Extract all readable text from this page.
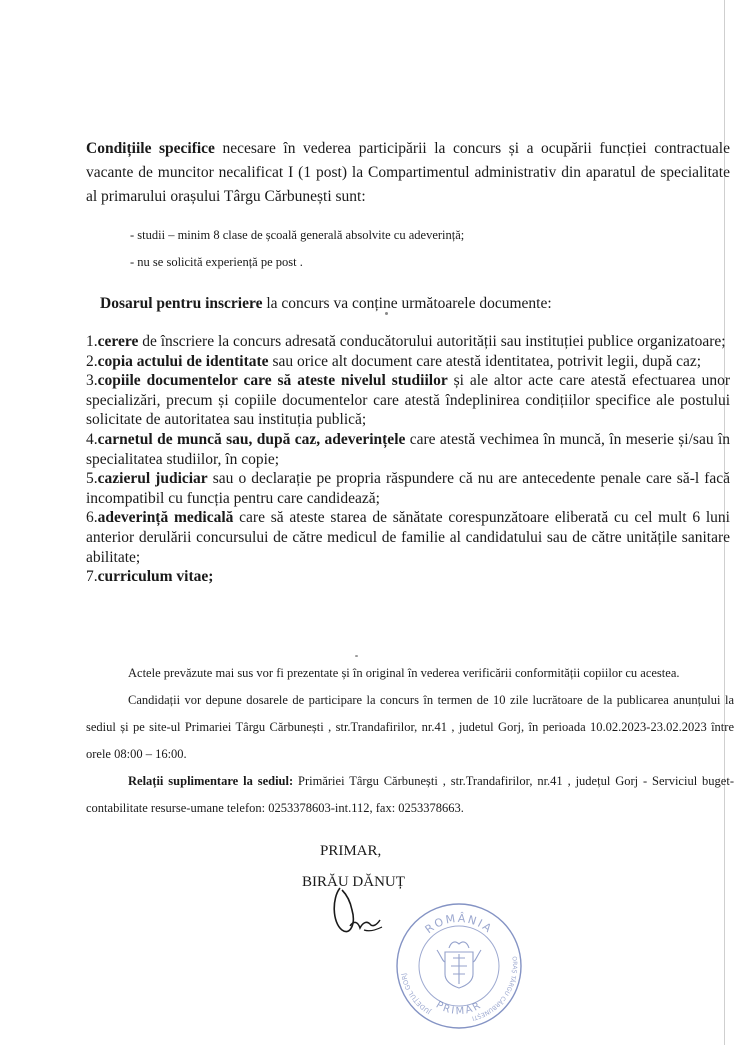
Condițiile specifice necesare în vederea participării la concurs și a ocupării funcției contractuale vacante de muncitor necalificat I (1 post) la Compartimentul administrativ din aparatul de specialitate al primarului orașului Târgu Cărbunești sunt:
- studii – minim 8 clase de școală generală absolvite cu adeverință;
- nu se solicită experiență pe post .
Dosarul pentru inscriere la concurs va conține următoarele documente:

1.cerere de înscriere la concurs adresată conducătorului autorității sau instituției publice organizatoare;

2.copia actului de identitate sau orice alt document care atestă identitatea, potrivit legii, după caz;

3.copiile documentelor care să ateste nivelul studiilor și ale altor acte care atestă efectuarea unor specializări, precum și copiile documentelor care atestă îndeplinirea condițiilor specifice ale postului solicitate de autoritatea sau instituția publică;

4.carnetul de muncă sau, după caz, adeverințele care atestă vechimea în muncă, în meserie și/sau în specialitatea studiilor, în copie;

5.cazierul judiciar sau o declarație pe propria răspundere că nu are antecedente penale care să-l facă incompatibil cu funcția pentru care candidează;

6.adeverință medicală care să ateste starea de sănătate corespunzătoare eliberată cu cel mult 6 luni anterior derulării concursului de către medicul de familie al candidatului sau de către unitățile sanitare abilitate;

7.curriculum vitae;

Actele prevăzute mai sus vor fi prezentate și în original în vederea verificării conformității copiilor cu acestea.

Candidații vor depune dosarele de participare la concurs în termen de 10 zile lucrătoare de la publicarea anunțului la sediul și pe site-ul Primariei Târgu Cărbunești , str.Trandafirilor, nr.41 , judetul Gorj, în perioada 10.02.2023-23.02.2023 între orele 08:00 – 16:00.

Relații suplimentare la sediul: Primăriei Târgu Cărbunești , str.Trandafirilor, nr.41 , județul Gorj - Serviciul buget-contabilitate resurse-umane telefon: 0253378603-int.112, fax: 0253378663.

PRIMAR,
BIRĂU DĂNUȚ
ROMÂNIA
JUDEȚUL GORJ
ORAȘ TÂRGU CĂRBUNEȘTI
PRIMAR
